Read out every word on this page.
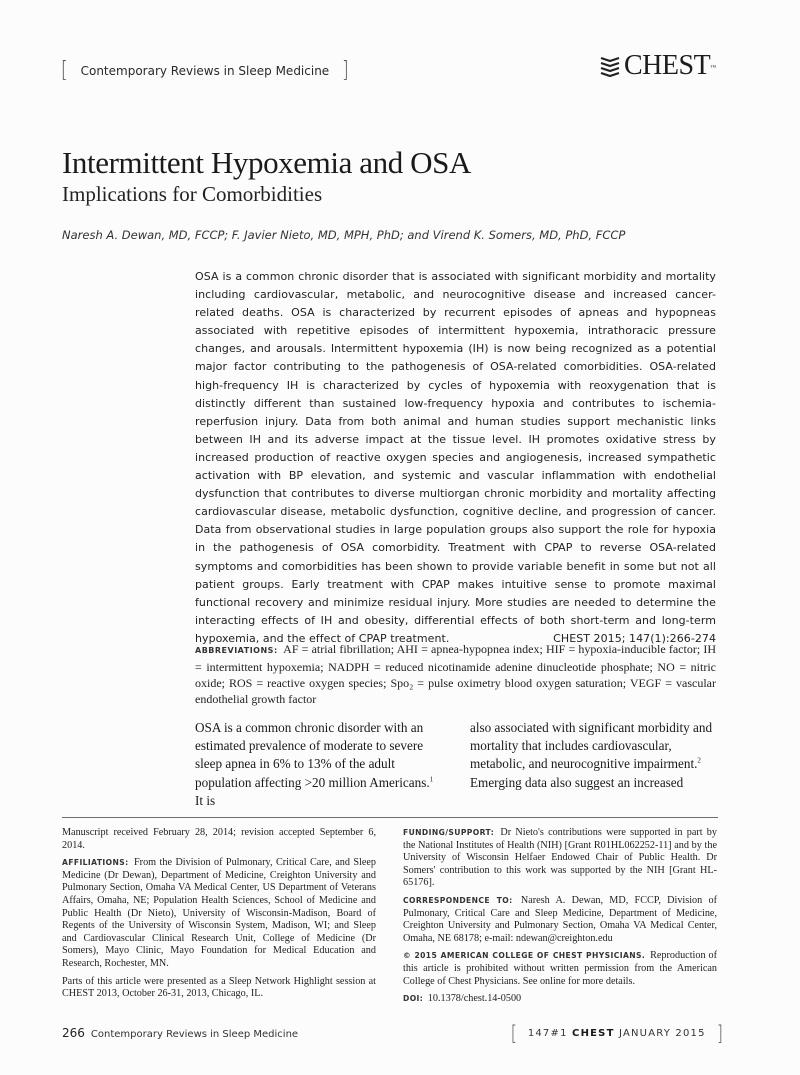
[ Contemporary Reviews in Sleep Medicine ]	CHEST™
Intermittent Hypoxemia and OSA
Implications for Comorbidities
Naresh A. Dewan, MD, FCCP; F. Javier Nieto, MD, MPH, PhD; and Virend K. Somers, MD, PhD, FCCP
OSA is a common chronic disorder that is associated with significant morbidity and mortality including cardiovascular, metabolic, and neurocognitive disease and increased cancer-related deaths. OSA is characterized by recurrent episodes of apneas and hypopneas associated with repetitive episodes of intermittent hypoxemia, intrathoracic pressure changes, and arousals. Intermittent hypoxemia (IH) is now being recognized as a potential major factor contributing to the pathogenesis of OSA-related comorbidities. OSA-related high-frequency IH is characterized by cycles of hypoxemia with reoxygenation that is distinctly different than sustained low-frequency hypoxia and contributes to ischemia-reperfusion injury. Data from both animal and human studies support mechanistic links between IH and its adverse impact at the tissue level. IH promotes oxidative stress by increased production of reactive oxygen species and angiogenesis, increased sympathetic activation with BP elevation, and systemic and vascular inflammation with endothelial dysfunction that contributes to diverse multiorgan chronic morbidity and mortality affecting cardiovascular disease, metabolic dysfunction, cognitive decline, and progression of cancer. Data from observational studies in large population groups also support the role for hypoxia in the pathogenesis of OSA comorbidity. Treatment with CPAP to reverse OSA-related symptoms and comorbidities has been shown to provide variable benefit in some but not all patient groups. Early treatment with CPAP makes intuitive sense to promote maximal functional recovery and minimize residual injury. More studies are needed to determine the interacting effects of IH and obesity, differential effects of both short-term and long-term hypoxemia, and the effect of CPAP treatment.	CHEST 2015; 147(1):266-274
ABBREVIATIONS: AF = atrial fibrillation; AHI = apnea-hypopnea index; HIF = hypoxia-inducible factor; IH = intermittent hypoxemia; NADPH = reduced nicotinamide adenine dinucleotide phosphate; NO = nitric oxide; ROS = reactive oxygen species; Spo₂ = pulse oximetry blood oxygen saturation; VEGF = vascular endothelial growth factor
OSA is a common chronic disorder with an estimated prevalence of moderate to severe sleep apnea in 6% to 13% of the adult population affecting >20 million Americans.$^1$ It is
also associated with significant morbidity and mortality that includes cardiovascular, metabolic, and neurocognitive impairment.$^2$ Emerging data also suggest an increased

Manuscript received February 28, 2014; revision accepted September 6, 2014.

AFFILIATIONS: From the Division of Pulmonary, Critical Care, and Sleep Medicine (Dr Dewan), Department of Medicine, Creighton University and Pulmonary Section, Omaha VA Medical Center, US Department of Veterans Affairs, Omaha, NE; Population Health Sciences, School of Medicine and Public Health (Dr Nieto), University of Wisconsin-Madison, Board of Regents of the University of Wisconsin System, Madison, WI; and Sleep and Cardiovascular Clinical Research Unit, College of Medicine (Dr Somers), Mayo Clinic, Mayo Foundation for Medical Education and Research, Rochester, MN.

Parts of this article were presented as a Sleep Network Highlight session at CHEST 2013, October 26-31, 2013, Chicago, IL.

FUNDING/SUPPORT: Dr Nieto's contributions were supported in part by the National Institutes of Health (NIH) [Grant R01HL062252-11] and by the University of Wisconsin Helfaer Endowed Chair of Public Health. Dr Somers' contribution to this work was supported by the NIH [Grant HL-65176].

CORRESPONDENCE TO: Naresh A. Dewan, MD, FCCP, Division of Pulmonary, Critical Care and Sleep Medicine, Department of Medicine, Creighton University and Pulmonary Section, Omaha VA Medical Center, Omaha, NE 68178; e-mail: ndewan@creighton.edu

© 2015 AMERICAN COLLEGE OF CHEST PHYSICIANS. Reproduction of this article is prohibited without written permission from the American College of Chest Physicians. See online for more details.

DOI: 10.1378/chest.14-0500

266 Contemporary Reviews in Sleep Medicine	[ 147#1 CHEST JANUARY 2015 ]
